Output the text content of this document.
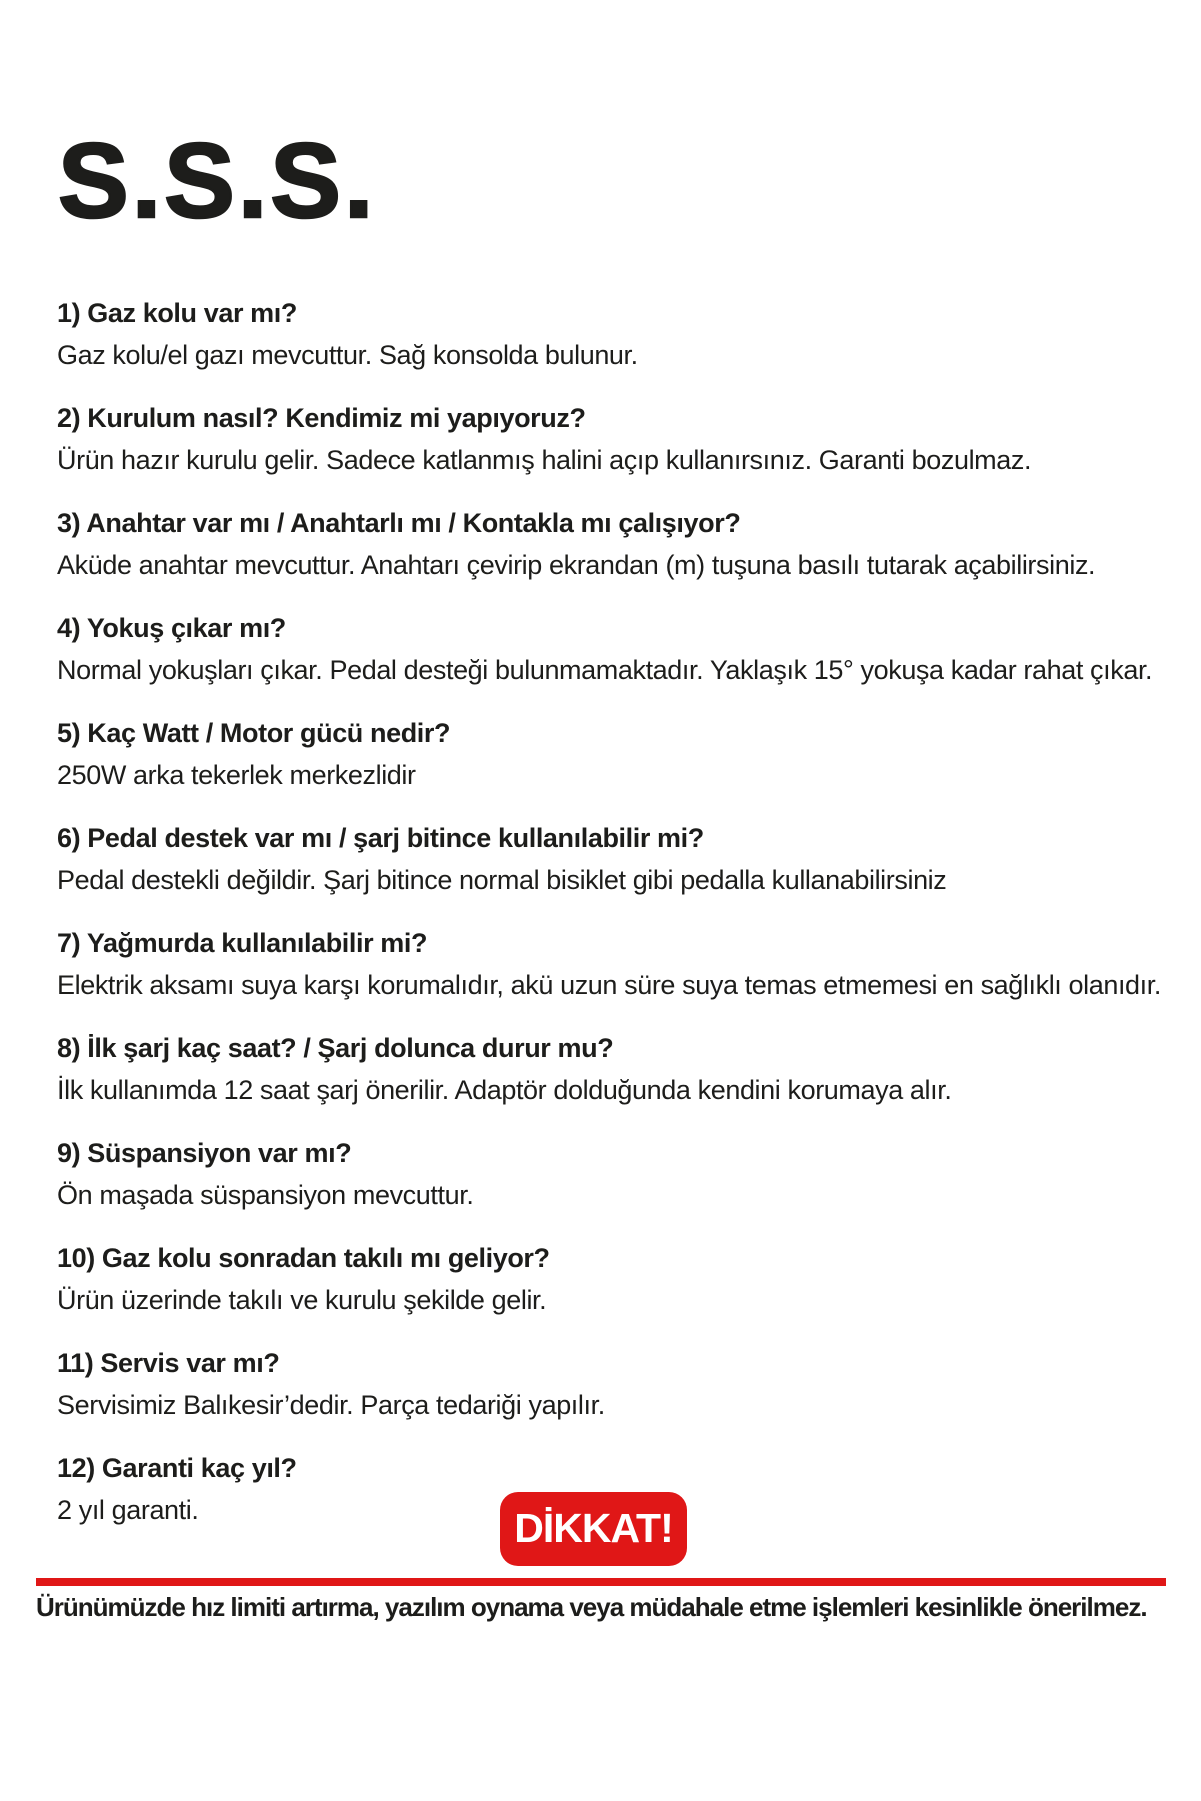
S.S.S.

1) Gaz kolu var mı?

Gaz kolu/el gazı mevcuttur. Sağ konsolda bulunur.

2) Kurulum nasıl? Kendimiz mi yapıyoruz?

Ürün hazır kurulu gelir. Sadece katlanmış halini açıp kullanırsınız. Garanti bozulmaz.

3) Anahtar var mı / Anahtarlı mı / Kontakla mı çalışıyor?

Aküde anahtar mevcuttur. Anahtarı çevirip ekrandan (m) tuşuna basılı tutarak açabilirsiniz.

4) Yokuş çıkar mı?

Normal yokuşları çıkar. Pedal desteği bulunmamaktadır. Yaklaşık 15° yokuşa kadar rahat çıkar.

5) Kaç Watt / Motor gücü nedir?

250W arka tekerlek merkezlidir

6) Pedal destek var mı / şarj bitince kullanılabilir mi?

Pedal destekli değildir. Şarj bitince normal bisiklet gibi pedalla kullanabilirsiniz

7) Yağmurda kullanılabilir mi?

Elektrik aksamı suya karşı korumalıdır, akü uzun süre suya temas etmemesi en sağlıklı olanıdır.

8) İlk şarj kaç saat? / Şarj dolunca durur mu?

İlk kullanımda 12 saat şarj önerilir. Adaptör dolduğunda kendini korumaya alır.

9) Süspansiyon var mı?

Ön maşada süspansiyon mevcuttur.

10) Gaz kolu sonradan takılı mı geliyor?

Ürün üzerinde takılı ve kurulu şekilde gelir.

11) Servis var mı?

Servisimiz Balıkesir’dedir. Parça tedariği yapılır.

12) Garanti kaç yıl?

2 yıl garanti.	DİKKAT!
Ürünümüzde hız limiti artırma, yazılım oynama veya müdahale etme işlemleri kesinlikle önerilmez.
